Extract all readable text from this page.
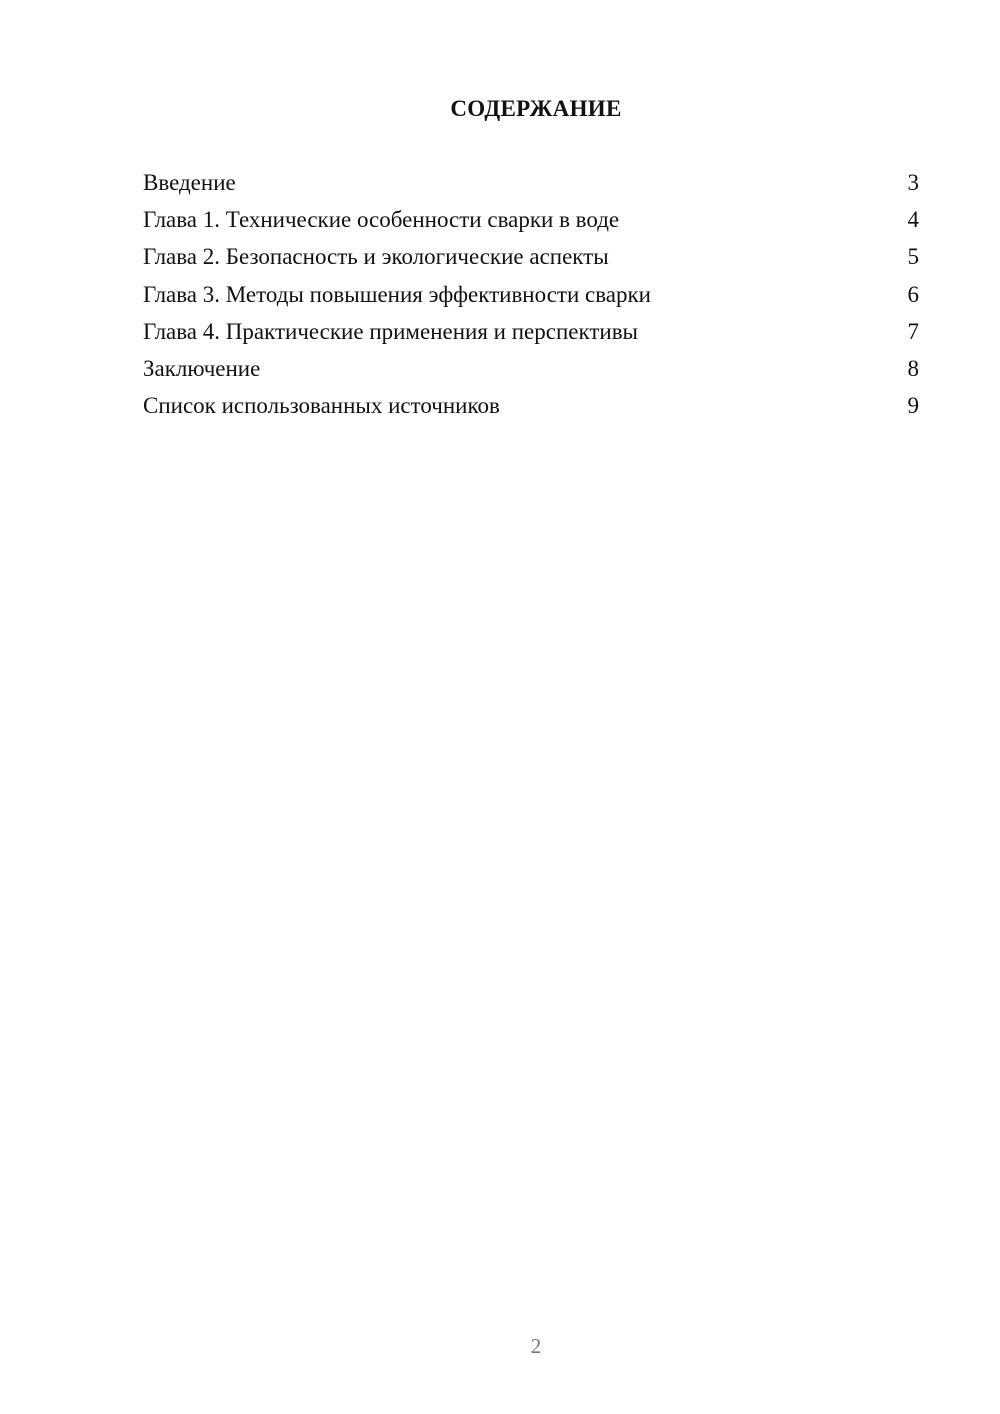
СОДЕРЖАНИЕ
Введение	3
Глава 1. Технические особенности сварки в воде	4
Глава 2. Безопасность и экологические аспекты	5
Глава 3. Методы повышения эффективности сварки	6
Глава 4. Практические применения и перспективы	7
Заключение	8
Список использованных источников	9
2
